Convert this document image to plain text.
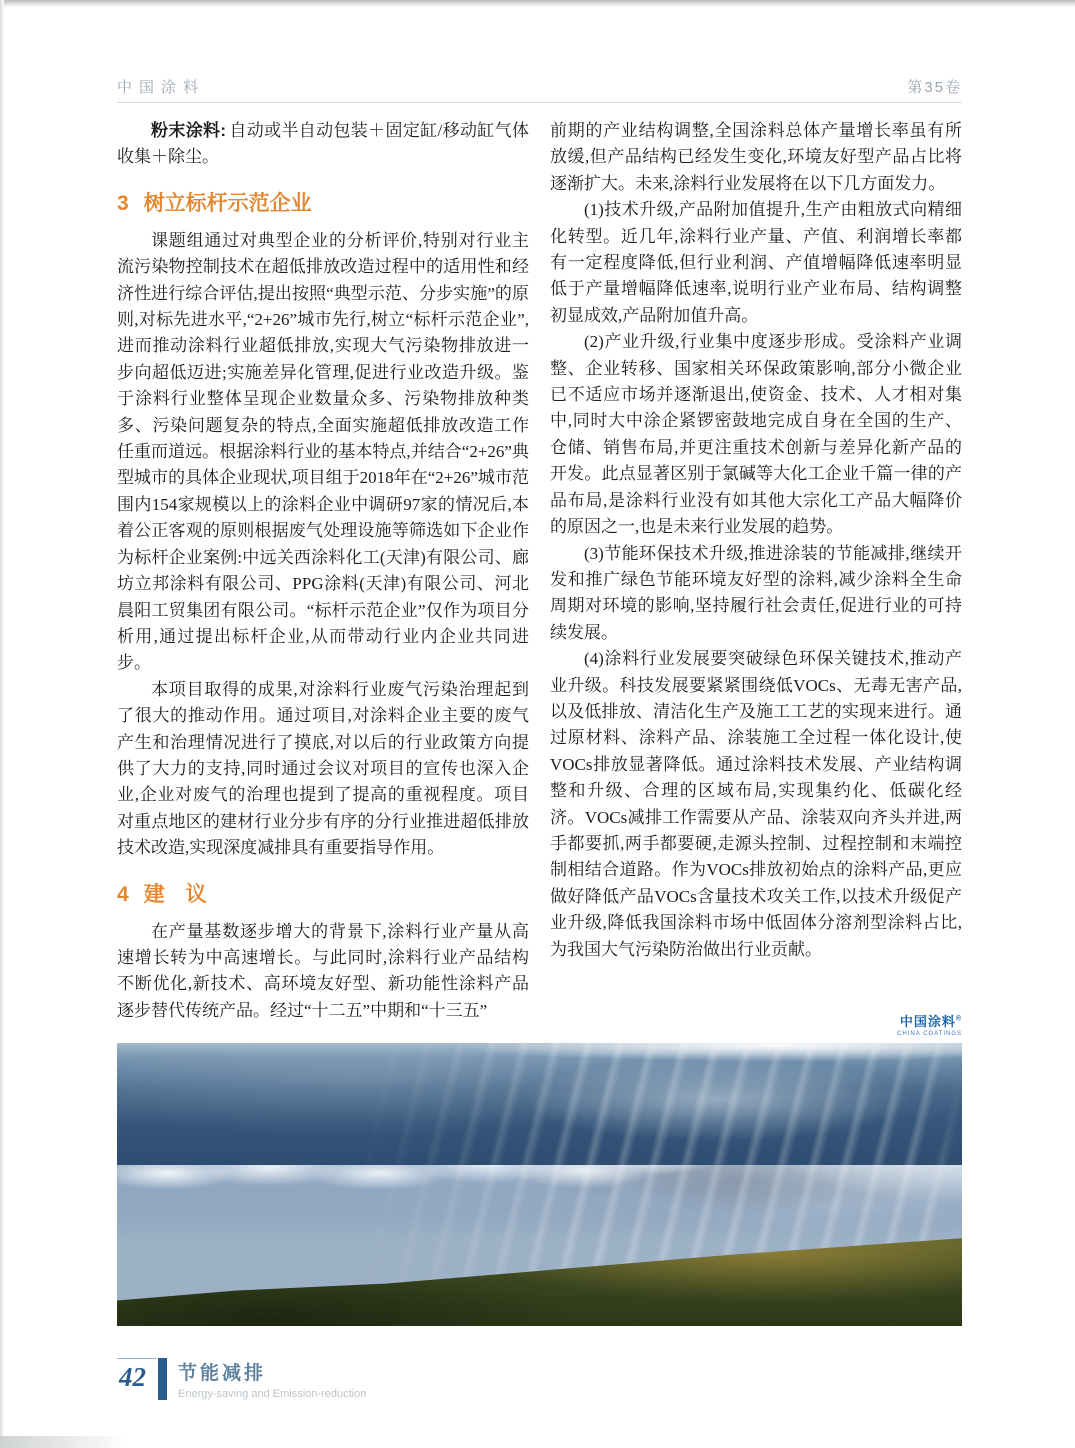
中国涂料	第35卷

粉末涂料: 自动或半自动包装＋固定缸/移动缸气体收集＋除尘。

3 树立标杆示范企业

课题组通过对典型企业的分析评价,特别对行业主流污染物控制技术在超低排放改造过程中的适用性和经济性进行综合评估,提出按照“典型示范、分步实施”的原则,对标先进水平,“2+26”城市先行,树立“标杆示范企业”,进而推动涂料行业超低排放,实现大气污染物排放进一步向超低迈进;实施差异化管理,促进行业改造升级。鉴于涂料行业整体呈现企业数量众多、污染物排放种类多、污染问题复杂的特点,全面实施超低排放改造工作任重而道远。根据涂料行业的基本特点,并结合“2+26”典型城市的具体企业现状,项目组于2018年在“2+26”城市范围内154家规模以上的涂料企业中调研97家的情况后,本着公正客观的原则根据废气处理设施等筛选如下企业作为标杆企业案例:中远关西涂料化工(天津)有限公司、廊坊立邦涂料有限公司、PPG涂料(天津)有限公司、河北晨阳工贸集团有限公司。“标杆示范企业”仅作为项目分析用,通过提出标杆企业,从而带动行业内企业共同进步。

本项目取得的成果,对涂料行业废气污染治理起到了很大的推动作用。通过项目,对涂料企业主要的废气产生和治理情况进行了摸底,对以后的行业政策方向提供了大力的支持,同时通过会议对项目的宣传也深入企业,企业对废气的治理也提到了提高的重视程度。项目对重点地区的建材行业分步有序的分行业推进超低排放技术改造,实现深度减排具有重要指导作用。

4 建　议

在产量基数逐步增大的背景下,涂料行业产量从高速增长转为中高速增长。与此同时,涂料行业产品结构不断优化,新技术、高环境友好型、新功能性涂料产品逐步替代传统产品。经过“十二五”中期和“十三五”

前期的产业结构调整,全国涂料总体产量增长率虽有所放缓,但产品结构已经发生变化,环境友好型产品占比将逐渐扩大。未来,涂料行业发展将在以下几方面发力。

(1)技术升级,产品附加值提升,生产由粗放式向精细化转型。近几年,涂料行业产量、产值、利润增长率都有一定程度降低,但行业利润、产值增幅降低速率明显低于产量增幅降低速率,说明行业产业布局、结构调整初显成效,产品附加值升高。

(2)产业升级,行业集中度逐步形成。受涂料产业调整、企业转移、国家相关环保政策影响,部分小微企业已不适应市场并逐渐退出,使资金、技术、人才相对集中,同时大中涂企紧锣密鼓地完成自身在全国的生产、仓储、销售布局,并更注重技术创新与差异化新产品的开发。此点显著区别于氯碱等大化工企业千篇一律的产品布局,是涂料行业没有如其他大宗化工产品大幅降价的原因之一,也是未来行业发展的趋势。

(3)节能环保技术升级,推进涂装的节能减排,继续开发和推广绿色节能环境友好型的涂料,减少涂料全生命周期对环境的影响,坚持履行社会责任,促进行业的可持续发展。

(4)涂料行业发展要突破绿色环保关键技术,推动产业升级。科技发展要紧紧围绕低VOCs、无毒无害产品,以及低排放、清洁化生产及施工工艺的实现来进行。通过原材料、涂料产品、涂装施工全过程一体化设计,使VOCs排放显著降低。通过涂料技术发展、产业结构调整和升级、合理的区域布局,实现集约化、低碳化经济。VOCs减排工作需要从产品、涂装双向齐头并进,两手都要抓,两手都要硬,走源头控制、过程控制和末端控制相结合道路。作为VOCs排放初始点的涂料产品,更应做好降低产品VOCs含量技术攻关工作,以技术升级促产业升级,降低我国涂料市场中低固体分溶剂型涂料占比,为我国大气污染防治做出行业贡献。

中国涂料®
CHINA COATINGS
42	节能减排
Energy-saving and Emission-reduction
